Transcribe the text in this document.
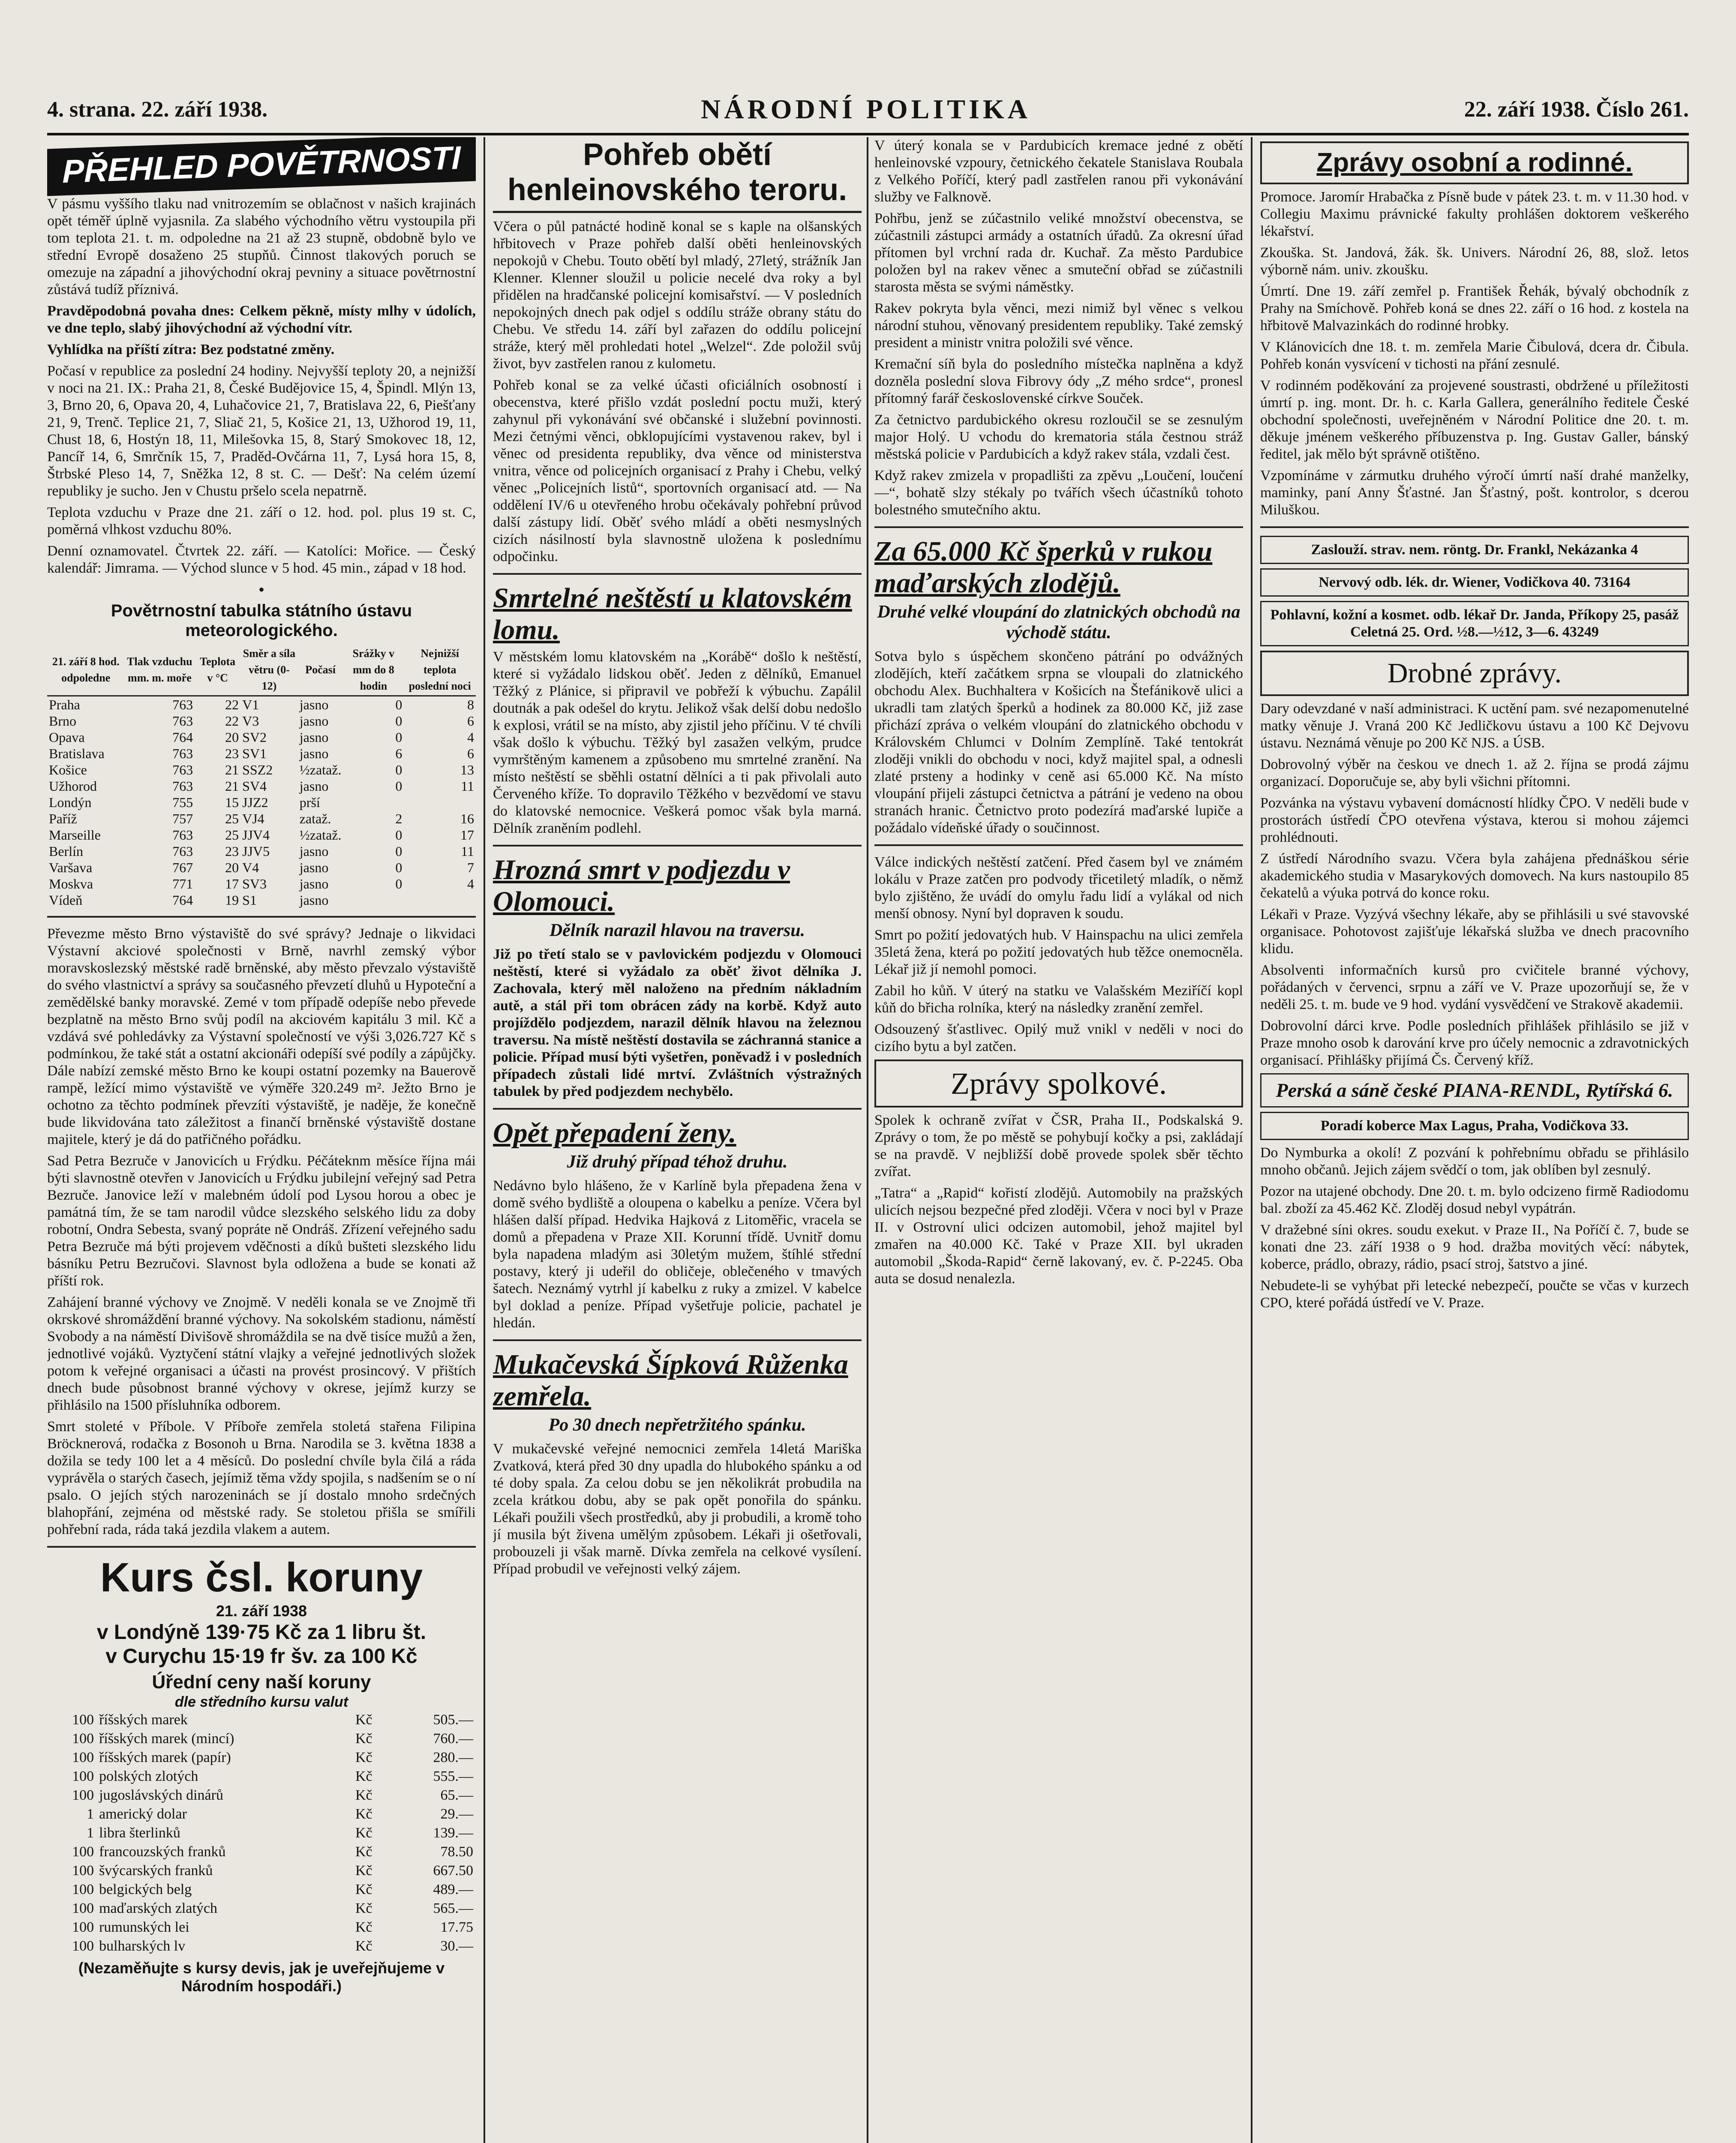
4. strana. 22. září 1938.	NÁRODNÍ POLITIKA	22. září 1938. Číslo 261.
PŘEHLED POVĚTRNOSTI

V pásmu vyššího tlaku nad vnitrozemím se oblačnost v našich krajinách opět téměř úplně vyjasnila. Za slabého východního větru vystoupila při tom teplota 21. t. m. odpoledne na 21 až 23 stupně, obdobně bylo ve střední Evropě dosaženo 25 stupňů. Činnost tlakových poruch se omezuje na západní a jihovýchodní okraj pevniny a situace povětrnostní zůstává tudíž příznivá.

Pravděpodobná povaha dnes: Celkem pěkně, místy mlhy v údolích, ve dne teplo, slabý jihovýchodní až východní vítr.

Vyhlídka na příští zítra: Bez podstatné změny.

Počasí v republice za poslední 24 hodiny. Nejvyšší teploty 20, a nejnižší v noci na 21. IX.: Praha 21, 8, České Budějovice 15, 4, Špindl. Mlýn 13, 3, Brno 20, 6, Opava 20, 4, Luhačovice 21, 7, Bratislava 22, 6, Piešťany 21, 9, Trenč. Teplice 21, 7, Sliač 21, 5, Košice 21, 13, Užhorod 19, 11, Chust 18, 6, Hostýn 18, 11, Milešovka 15, 8, Starý Smokovec 18, 12, Pancíř 14, 6, Smrčník 15, 7, Praděd-Ovčárna 11, 7, Lysá hora 15, 8, Štrbské Pleso 14, 7, Sněžka 12, 8 st. C. — Dešť: Na celém území republiky je sucho. Jen v Chustu pršelo scela nepatrně.

Teplota vzduchu v Praze dne 21. září o 12. hod. pol. plus 19 st. C, poměrná vlhkost vzduchu 80%.

Denní oznamovatel. Čtvrtek 22. září. — Katolíci: Mořice. — Český kalendář: Jimrama. — Východ slunce v 5 hod. 45 min., západ v 18 hod.

•
Povětrnostní tabulka státního ústavu meteorologického.
21. září 8 hod. odpoledne	Tlak vzduchu mm. m. moře	Teplota v °C	Směr a síla větru (0-12)	Počasí	Srážky v mm do 8 hodin	Nejnižší teplota poslední noci
Praha	763	22	V1	jasno	0	8
Brno	763	22	V3	jasno	0	6
Opava	764	20	SV2	jasno	0	4
Bratislava	763	23	SV1	jasno	6	6
Košice	763	21	SSZ2	½zataž.	0	13
Užhorod	763	21	SV4	jasno	0	11
Londýn	755	15	JJZ2	prší		
Paříž	757	25	VJ4	zataž.	2	16
Marseille	763	25	JJV4	½zataž.	0	17
Berlín	763	23	JJV5	jasno	0	11
Varšava	767	20	V4	jasno	0	7
Moskva	771	17	SV3	jasno	0	4
Vídeň	764	19	S1	jasno		

Převezme město Brno výstaviště do své správy? Jednaje o likvidaci Výstavní akciové společnosti v Brně, navrhl zemský výbor moravskoslezský městské radě brněnské, aby město převzalo výstaviště do svého vlastnictví a správy sa současného převzetí dluhů u Hypoteční a zemědělské banky moravské. Zemé v tom případě odepíše nebo převede bezplatně na město Brno svůj podíl na akciovém kapitálu 3 mil. Kč a vzdává své pohledávky za Výstavní společností ve výši 3,026.727 Kč s podmínkou, že také stát a ostatní akcionáři odepíší své podíly a zápůjčky. Dále nabízí zemské město Brno ke koupi ostatní pozemky na Bauerově rampě, ležící mimo výstaviště ve výměře 320.249 m². Ježto Brno je ochotno za těchto podmínek převzíti výstaviště, je naděje, že konečně bude likvidována tato záležitost a finančí brněnské výstaviště dostane majitele, který je dá do patřičného pořádku.

Sad Petra Bezruče v Janovicích u Frýdku. Péčáteknm měsíce října mái býti slavnostně otevřen v Janovicích u Frýdku jubilejní veřejný sad Petra Bezruče. Janovice leží v malebném údolí pod Lysou horou a obec je památná tím, že se tam narodil vůdce slezského selského lidu za doby robotní, Ondra Sebesta, svaný popráte ně Ondráš. Zřízení veřejného sadu Petra Bezruče má býti projevem vděčnosti a díků bušteti slezského lidu básníku Petru Bezručovi. Slavnost byla odložena a bude se konati až příští rok.

Zahájení branné výchovy ve Znojmě. V neděli konala se ve Znojmě tři okrskové shromáždění branné výchovy. Na sokolském stadionu, náměstí Svobody a na náměstí Divišově shromáždila se na dvě tisíce mužů a žen, jednotlivé vojáků. Vyztyčení státní vlajky a veřejné jednotlivých složek potom k veřejné organisaci a účasti na provést prosincový. V přištích dnech bude působnost branné výchovy v okrese, jejímž kurzy se přihlásilo na 1500 přísluhníka odborem.

Smrt stoleté v Příbole. V Příboře zemřela stoletá stařena Filipina Bröcknerová, rodačka z Bosonoh u Brna. Narodila se 3. května 1838 a dožila se tedy 100 let a 4 měsíců. Do poslední chvíle byla čilá a ráda vyprávěla o starých časech, jejímiž těma vždy spojila, s nadšením se o ní psalo. O jejích stých narozeninách se jí dostalo mnoho srdečných blahopřání, zejména od městské rady. Se stoletou přišla se smířili pohřební rada, ráda taká jezdila vlakem a autem.

Kurs čsl. koruny
21. září 1938
v Londýně 139·75 Kč za 1 libru št.
v Curychu 15·19 fr šv. za 100 Kč
Úřední ceny naší koruny
dle středního kursu valut
100	říšských marek	Kč	505.—
100	říšských marek (mincí)	Kč	760.—
100	říšských marek (papír)	Kč	280.—
100	polských zlotých	Kč	555.—
100	jugoslávských dinárů	Kč	65.—
1	americký dolar	Kč	29.—
1	libra šterlinků	Kč	139.—
100	francouzských franků	Kč	78.50
100	švýcarských franků	Kč	667.50
100	belgických belg	Kč	489.—
100	maďarských zlatých	Kč	565.—
100	rumunských lei	Kč	17.75
100	bulharských lv	Kč	30.—
(Nezaměňujte s kursy devis, jak je uveřejňujeme v Národním hospodáři.)
Pohřeb obětí henleinovského teroru.

Včera o půl patnácté hodině konal se s kaple na olšanských hřbitovech v Praze pohřeb další oběti henleinovských nepokojů v Chebu. Touto obětí byl mladý, 27letý, strážník Jan Klenner. Klenner sloužil u policie necelé dva roky a byl přidělen na hradčanské policejní komisařství. — V posledních nepokojných dnech pak odjel s oddílu stráže obrany státu do Chebu. Ve středu 14. září byl zařazen do oddílu policejní stráže, který měl prohledati hotel „Welzel“. Zde položil svůj život, byv zastřelen ranou z kulometu.

Pohřeb konal se za velké účasti oficiálních osobností i obecenstva, které přišlo vzdát poslední poctu muži, který zahynul při vykonávání své občanské i služební povinnosti. Mezi četnými věnci, obklopujícími vystavenou rakev, byl i věnec od presidenta republiky, dva věnce od ministerstva vnitra, věnce od policejních organisací z Prahy i Chebu, velký věnec „Policejních listů“, sportovních organisací atd. — Na oddělení IV/6 u otevřeného hrobu očekávaly pohřební průvod další zástupy lidí. Oběť svého mládí a oběti nesmyslných cizích násilností byla slavnostně uložena k poslednímu odpočinku.

Smrtelné neštěstí u klatovském lomu.

V městském lomu klatovském na „Korábě“ došlo k neštěstí, které si vyžádalo lidskou oběť. Jeden z dělníků, Emanuel Těžký z Plánice, si připravil ve pobřeží k výbuchu. Zapálil doutnák a pak odešel do krytu. Jelikož však delší dobu nedošlo k explosi, vrátil se na místo, aby zjistil jeho příčinu. V té chvíli však došlo k výbuchu. Těžký byl zasažen velkým, prudce vymrštěným kamenem a způsobeno mu smrtelné zranění. Na místo neštěstí se sběhli ostatní dělníci a ti pak přivolali auto Červeného kříže. To dopravilo Těžkého v bezvědomí ve stavu do klatovské nemocnice. Veškerá pomoc však byla marná. Dělník zraněním podlehl.

Hrozná smrt v podjezdu v Olomouci.
Dělník narazil hlavou na traversu.

Již po třetí stalo se v pavlovickém podjezdu v Olomouci neštěstí, které si vyžádalo za oběť život dělníka J. Zachovala, který měl naloženo na předním nákladním autě, a stál při tom obrácen zády na korbě. Když auto projíždělo podjezdem, narazil dělník hlavou na železnou traversu. Na místě neštěstí dostavila se záchranná stanice a policie. Případ musí býti vyšetřen, poněvadž i v posledních případech zůstali lidé mrtví. Zvláštních výstražných tabulek by před podjezdem nechybělo.

Opět přepadení ženy.
Již druhý případ téhož druhu.

Nedávno bylo hlášeno, že v Karlíně byla přepadena žena v domě svého bydliště a oloupena o kabelku a peníze. Včera byl hlášen další případ. Hedvika Hajková z Litoměřic, vracela se domů a přepadena v Praze XII. Korunní třídě. Uvnitř domu byla napadena mladým asi 30letým mužem, štíhlé střední postavy, který ji udeřil do obličeje, oblečeného v tmavých šatech. Neznámý vytrhl jí kabelku z ruky a zmizel. V kabelce byl doklad a peníze. Případ vyšetřuje policie, pachatel je hledán.

Mukačevská Šípková Růženka zemřela.
Po 30 dnech nepřetržitého spánku.

V mukačevské veřejné nemocnici zemřela 14letá Mariška Zvatková, která před 30 dny upadla do hlubokého spánku a od té doby spala. Za celou dobu se jen několikrát probudila na zcela krátkou dobu, aby se pak opět ponořila do spánku. Lékaři použili všech prostředků, aby ji probudili, a kromě toho jí musila být živena umělým způsobem. Lékaři ji ošetřovali, probouzeli ji však marně. Dívka zemřela na celkové vysílení. Případ probudil ve veřejnosti velký zájem.

V úterý konala se v Pardubicích kremace jedné z obětí henleinovské vzpoury, četnického čekatele Stanislava Roubala z Velkého Poříčí, který padl zastřelen ranou při vykonávání služby ve Falknově.

Pohřbu, jenž se zúčastnilo veliké množství obecenstva, se zúčastnili zástupci armády a ostatních úřadů. Za okresní úřad přítomen byl vrchní rada dr. Kuchař. Za město Pardubice položen byl na rakev věnec a smuteční obřad se zúčastnili starosta města se svými náměstky.

Rakev pokryta byla věnci, mezi nimiž byl věnec s velkou národní stuhou, věnovaný presidentem republiky. Také zemský president a ministr vnitra položili své věnce.

Kremační síň byla do posledního místečka naplněna a když dozněla poslední slova Fibrovy ódy „Z mého srdce“, pronesl přítomný farář československé církve Souček.

Za četnictvo pardubického okresu rozloučil se se zesnulým major Holý. U vchodu do krematoria stála čestnou stráž městská policie v Pardubicích a když rakev stála, vzdali čest.

Když rakev zmizela v propadlišti za zpěvu „Loučení, loučení —“, bohatě slzy stékaly po tvářích všech účastníků tohoto bolestného smutečního aktu.

Za 65.000 Kč šperků v rukou maďarských zlodějů.
Druhé velké vloupání do zlatnických obchodů na východě státu.

Sotva bylo s úspěchem skončeno pátrání po odvážných zlodějích, kteří začátkem srpna se vloupali do zlatnického obchodu Alex. Buchhaltera v Košicích na Štefánikově ulici a ukradli tam zlatých šperků a hodinek za 80.000 Kč, již zase přichází zpráva o velkém vloupání do zlatnického obchodu v Královském Chlumci v Dolním Zemplíně. Také tentokrát zloději vnikli do obchodu v noci, když majitel spal, a odnesli zlaté prsteny a hodinky v ceně asi 65.000 Kč. Na místo vloupání přijeli zástupci četnictva a pátrání je vedeno na obou stranách hranic. Četnictvo proto podezírá maďarské lupiče a požádalo vídeňské úřady o součinnost.

Válce indických neštěstí zatčení. Před časem byl ve známém lokálu v Praze zatčen pro podvody třicetiletý mladík, o němž bylo zjištěno, že uvádí do omylu řadu lidí a vylákal od nich menší obnosy. Nyní byl dopraven k soudu.

Smrt po požití jedovatých hub. V Hainspachu na ulici zemřela 35letá žena, která po požití jedovatých hub těžce onemocněla. Lékař již jí nemohl pomoci.

Zabil ho kůň. V úterý na statku ve Valašském Meziříčí kopl kůň do břicha rolníka, který na následky zranění zemřel.

Odsouzený šťastlivec. Opilý muž vnikl v neděli v noci do cizího bytu a byl zatčen.

Zprávy spolkové.

Spolek k ochraně zvířat v ČSR, Praha II., Podskalská 9. Zprávy o tom, že po městě se pohybují kočky a psi, zakládají se na pravdě. V nejbližší době provede spolek sběr těchto zvířat.

„Tatra“ a „Rapid“ kořistí zlodějů. Automobily na pražských ulicích nejsou bezpečné před zloději. Včera v noci byl v Praze II. v Ostrovní ulici odcizen automobil, jehož majitel byl zmařen na 40.000 Kč. Také v Praze XII. byl ukraden automobil „Škoda-Rapid“ černě lakovaný, ev. č. P-2245. Oba auta se dosud nenalezla.

Zprávy osobní a rodinné.

Promoce. Jaromír Hrabačka z Písně bude v pátek 23. t. m. v 11.30 hod. v Collegiu Maximu právnické fakulty prohlášen doktorem veškerého lékařství.

Zkouška. St. Jandová, žák. šk. Univers. Národní 26, 88, slož. letos výborně nám. univ. zkoušku.

Úmrtí. Dne 19. září zemřel p. František Řehák, bývalý obchodník z Prahy na Smíchově. Pohřeb koná se dnes 22. září o 16 hod. z kostela na hřbitově Malvazinkách do rodinné hrobky.

V Klánovicích dne 18. t. m. zemřela Marie Čibulová, dcera dr. Čibula. Pohřeb konán vysvícení v tichosti na přání zesnulé.

V rodinném poděkování za projevené soustrasti, obdržené u příležitosti úmrtí p. ing. mont. Dr. h. c. Karla Gallera, generálního ředitele České obchodní společnosti, uveřejněném v Národní Politice dne 20. t. m. děkuje jménem veškerého příbuzenstva p. Ing. Gustav Galler, bánský ředitel, jak mělo být správně otištěno.

Vzpomínáme v zármutku druhého výročí úmrtí naší drahé manželky, maminky, paní Anny Šťastné. Jan Šťastný, pošt. kontrolor, s dcerou Miluškou.

Zaslouží. strav. nem. röntg. Dr. Frankl, Nekázanka 4
Nervový odb. lék. dr. Wiener, Vodičkova 40. 73164
Pohlavní, kožní a kosmet. odb. lékař Dr. Janda, Příkopy 25, pasáž Celetná 25. Ord. ½8.—½12, 3—6. 43249
Drobné zprávy.

Dary odevzdané v naší administraci. K uctění pam. své nezapomenutelné matky věnuje J. Vraná 200 Kč Jedličkovu ústavu a 100 Kč Dejvovu ústavu. Neznámá věnuje po 200 Kč NJS. a ÚSB.

Dobrovolný výběr na českou ve dnech 1. až 2. října se prodá zájmu organizací. Doporučuje se, aby byli všichni přítomni.

Pozvánka na výstavu vybavení domácností hlídky ČPO. V neděli bude v prostorách ústředí ČPO otevřena výstava, kterou si mohou zájemci prohlédnouti.

Z ústředí Národního svazu. Včera byla zahájena přednáškou série akademického studia v Masarykových domovech. Na kurs nastoupilo 85 čekatelů a výuka potrvá do konce roku.

Lékaři v Praze. Vyzývá všechny lékaře, aby se přihlásili u své stavovské organisace. Pohotovost zajišťuje lékařská služba ve dnech pracovního klidu.

Absolventi informačních kursů pro cvičitele branné výchovy, pořádaných v červenci, srpnu a září ve V. Praze upozorňují se, že v neděli 25. t. m. bude ve 9 hod. vydání vysvědčení ve Strakově akademii.

Dobrovolní dárci krve. Podle posledních přihlášek přihlásilo se již v Praze mnoho osob k darování krve pro účely nemocnic a zdravotnických organisací. Přihlášky přijímá Čs. Červený kříž.

Perská a sáně české PIANA-RENDL, Rytířská 6.
Poradí koberce Max Lagus, Praha, Vodičkova 33.

Do Nymburka a okolí! Z pozvání k pohřebnímu obřadu se přihlásilo mnoho občanů. Jejich zájem svědčí o tom, jak oblíben byl zesnulý.

Pozor na utajené obchody. Dne 20. t. m. bylo odcizeno firmě Radiodomu bal. zboží za 45.462 Kč. Zloděj dosud nebyl vypátrán.

V dražebné síni okres. soudu exekut. v Praze II., Na Poříčí č. 7, bude se konati dne 23. září 1938 o 9 hod. dražba movitých věcí: nábytek, koberce, prádlo, obrazy, rádio, psací stroj, šatstvo a jiné.

Nebudete-li se vyhýbat při letecké nebezpečí, poučte se včas v kurzech CPO, které pořádá ústředí ve V. Praze.
